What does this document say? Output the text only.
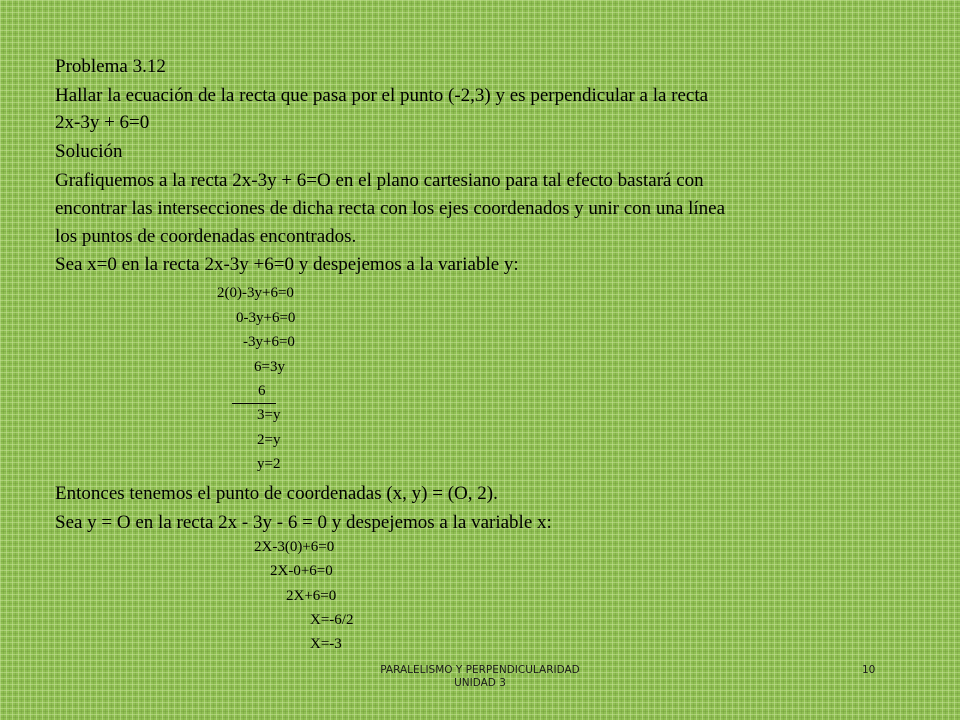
Problema 3.12
Hallar la ecuación de la recta que pasa por el punto (-2,3) y es perpendicular a la recta
2x-3y + 6=0
Solución
Grafiquemos a la recta 2x-3y + 6=O en el plano cartesiano para tal efecto bastará con
encontrar las intersecciones de dicha recta con los ejes coordenados y unir con una línea
los puntos de coordenadas encontrados.
Sea x=0 en la recta 2x-3y +6=0 y despejemos a la variable y:
2(0)-3y+6=0
0-3y+6=0
-3y+6=0
6=3y
6
3=y
2=y
y=2
Entonces tenemos el punto de coordenadas (x, y) = (O, 2).
Sea y = O en la recta 2x - 3y - 6 = 0 y despejemos a la variable x:
2X-3(0)+6=0
2X-0+6=0
2X+6=0
X=-6/2
X=-3
PARALELISMO Y PERPENDICULARIDAD
UNIDAD 3
10
